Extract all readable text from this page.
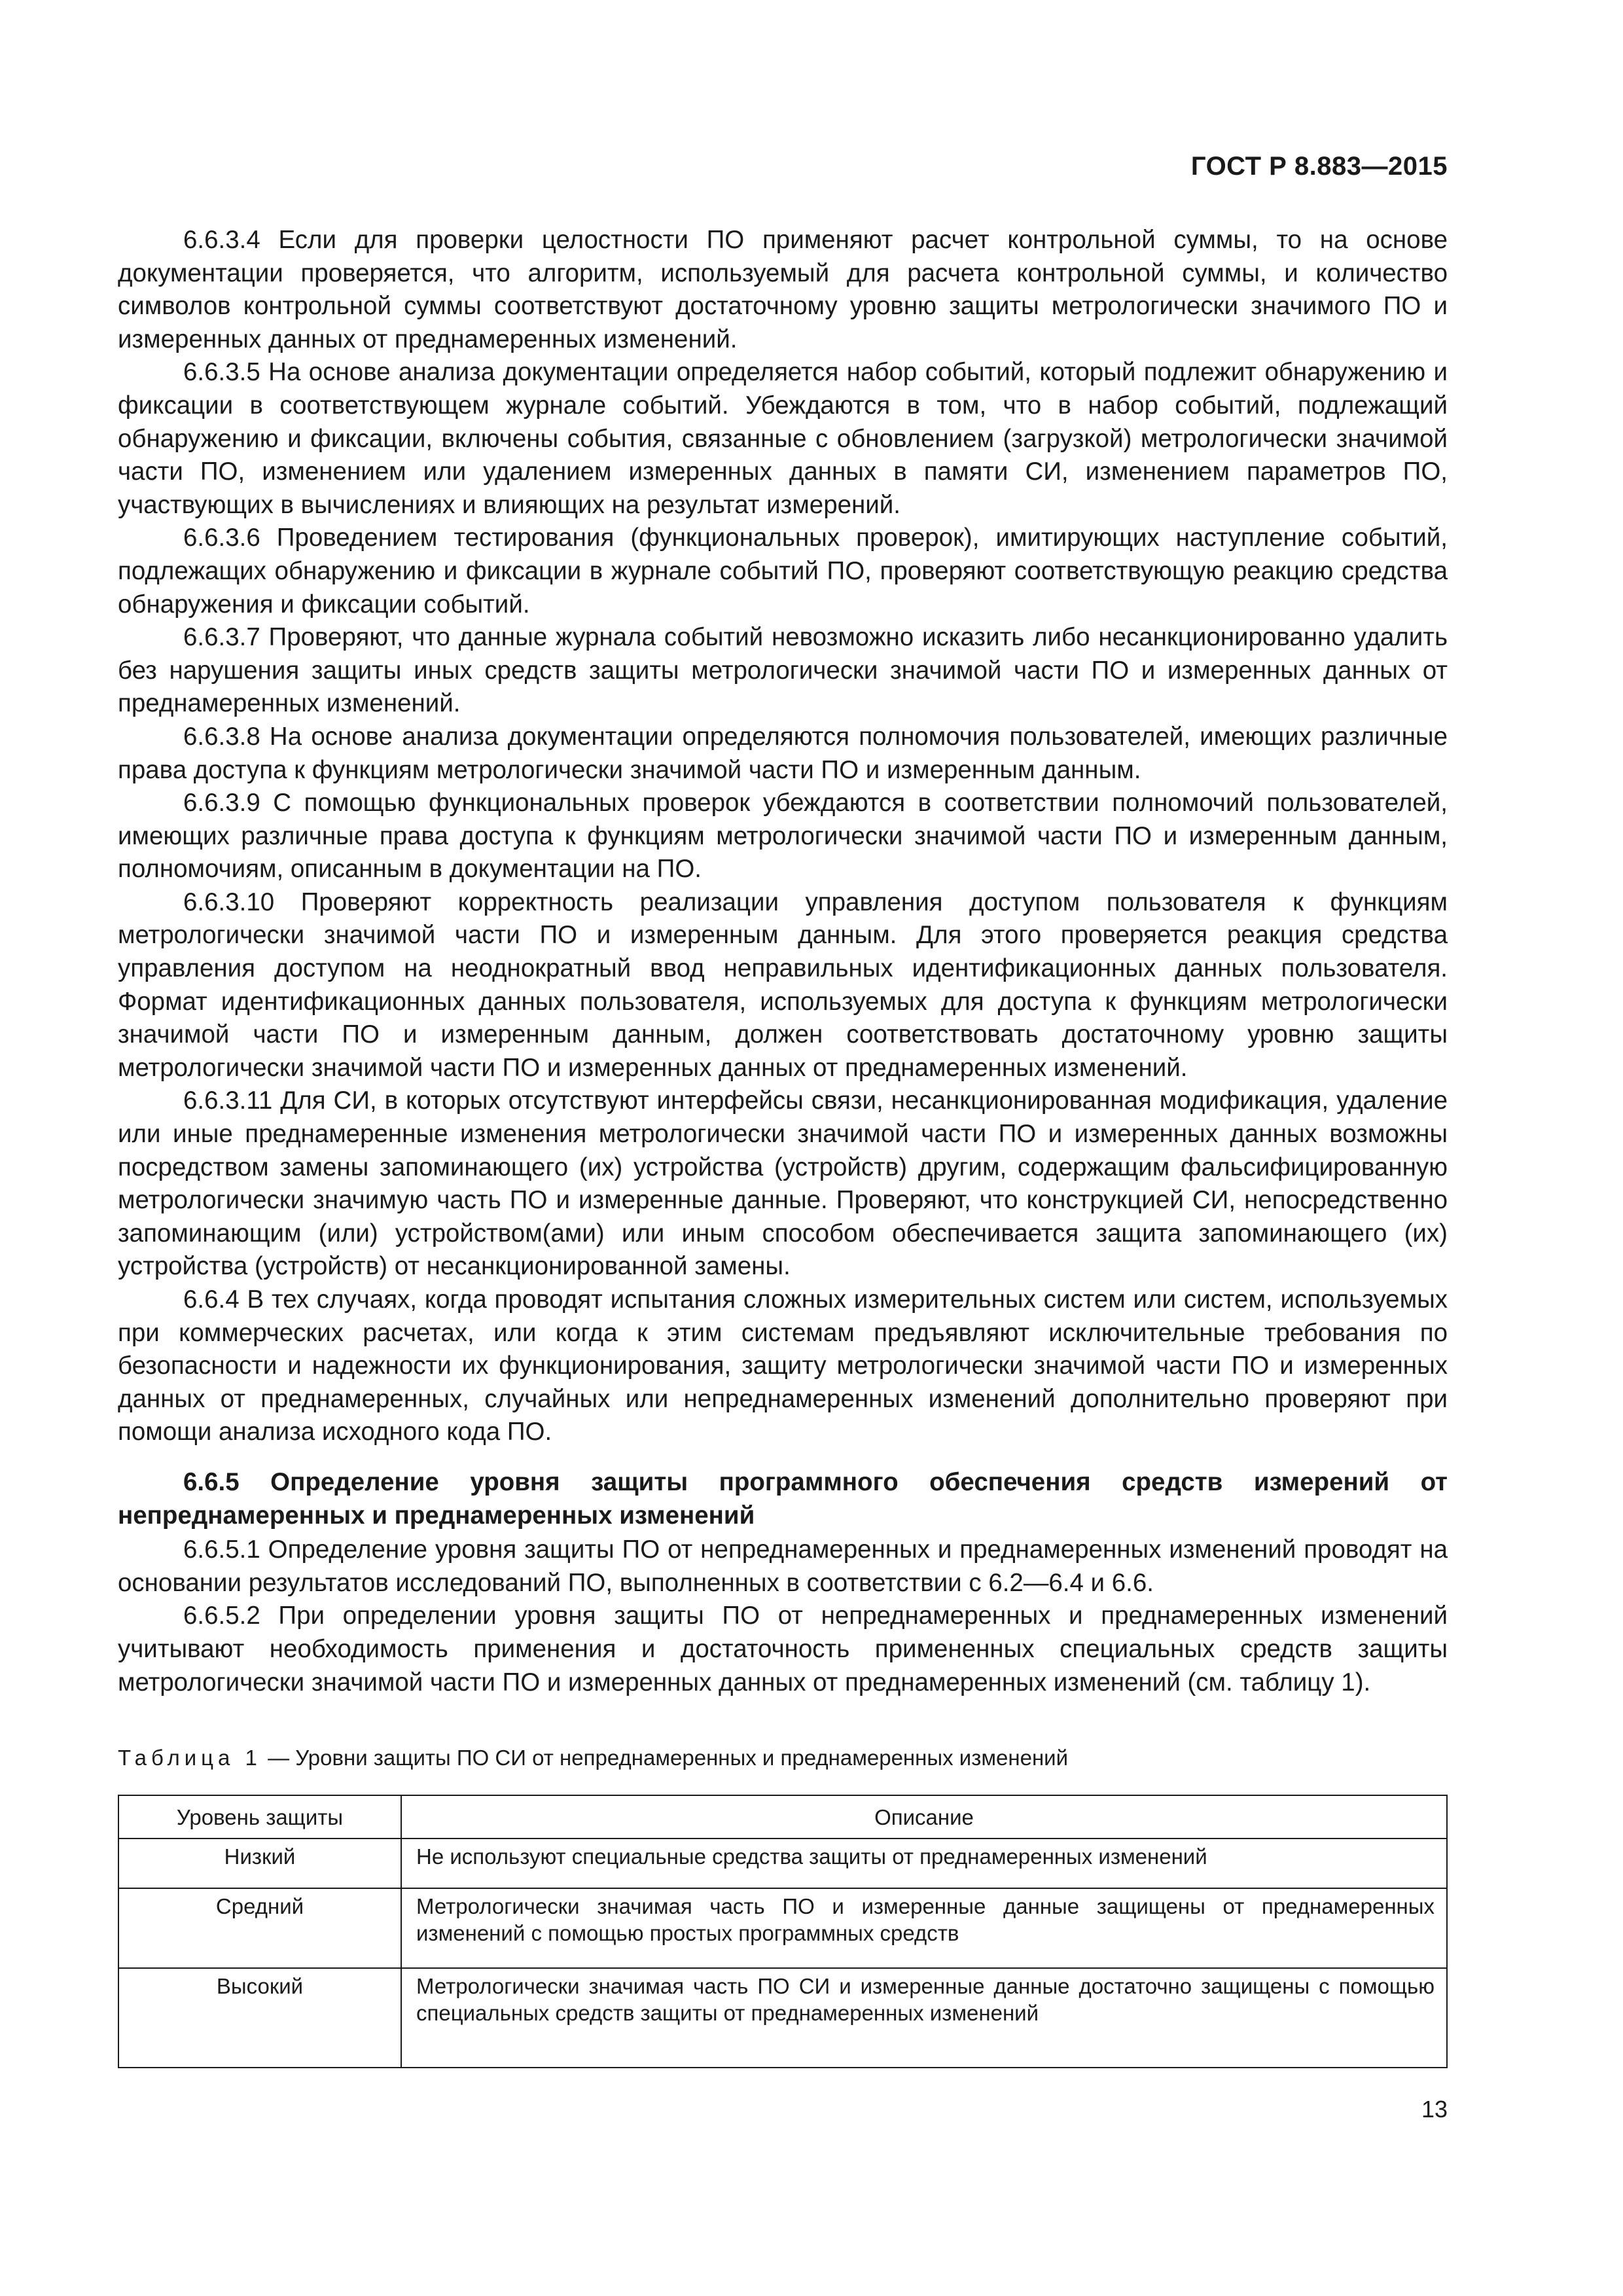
ГОСТ Р 8.883—2015

6.6.3.4 Если для проверки целостности ПО применяют расчет контрольной суммы, то на основе документации проверяется, что алгоритм, используемый для расчета контрольной суммы, и количество символов контрольной суммы соответствуют достаточному уровню защиты метрологически значимого ПО и измеренных данных от преднамеренных изменений.

6.6.3.5 На основе анализа документации определяется набор событий, который подлежит обнаружению и фиксации в соответствующем журнале событий. Убеждаются в том, что в набор событий, подлежащий обнаружению и фиксации, включены события, связанные с обновлением (загрузкой) метрологически значимой части ПО, изменением или удалением измеренных данных в памяти СИ, изменением параметров ПО, участвующих в вычислениях и влияющих на результат измерений.

6.6.3.6 Проведением тестирования (функциональных проверок), имитирующих наступление событий, подлежащих обнаружению и фиксации в журнале событий ПО, проверяют соответствующую реакцию средства обнаружения и фиксации событий.

6.6.3.7 Проверяют, что данные журнала событий невозможно исказить либо несанкционированно удалить без нарушения защиты иных средств защиты метрологически значимой части ПО и измеренных данных от преднамеренных изменений.

6.6.3.8 На основе анализа документации определяются полномочия пользователей, имеющих различные права доступа к функциям метрологически значимой части ПО и измеренным данным.

6.6.3.9 С помощью функциональных проверок убеждаются в соответствии полномочий пользователей, имеющих различные права доступа к функциям метрологически значимой части ПО и измеренным данным, полномочиям, описанным в документации на ПО.

6.6.3.10 Проверяют корректность реализации управления доступом пользователя к функциям метрологически значимой части ПО и измеренным данным. Для этого проверяется реакция средства управления доступом на неоднократный ввод неправильных идентификационных данных пользователя. Формат идентификационных данных пользователя, используемых для доступа к функциям метрологически значимой части ПО и измеренным данным, должен соответствовать достаточному уровню защиты метрологически значимой части ПО и измеренных данных от преднамеренных изменений.

6.6.3.11 Для СИ, в которых отсутствуют интерфейсы связи, несанкционированная модификация, удаление или иные преднамеренные изменения метрологически значимой части ПО и измеренных данных возможны посредством замены запоминающего (их) устройства (устройств) другим, содержащим фальсифицированную метрологически значимую часть ПО и измеренные данные. Проверяют, что конструкцией СИ, непосредственно запоминающим (или) устройством(ами) или иным способом обеспечивается защита запоминающего (их) устройства (устройств) от несанкционированной замены.

6.6.4 В тех случаях, когда проводят испытания сложных измерительных систем или систем, используемых при коммерческих расчетах, или когда к этим системам предъявляют исключительные требования по безопасности и надежности их функционирования, защиту метрологически значимой части ПО и измеренных данных от преднамеренных, случайных или непреднамеренных изменений дополнительно проверяют при помощи анализа исходного кода ПО.

6.6.5 Определение уровня защиты программного обеспечения средств измерений от непреднамеренных и преднамеренных изменений

6.6.5.1 Определение уровня защиты ПО от непреднамеренных и преднамеренных изменений проводят на основании результатов исследований ПО, выполненных в соответствии с 6.2—6.4 и 6.6.

6.6.5.2 При определении уровня защиты ПО от непреднамеренных и преднамеренных изменений учитывают необходимость применения и достаточность примененных специальных средств защиты метрологически значимой части ПО и измеренных данных от преднамеренных изменений (см. таблицу 1).

Таблица 1 — Уровни защиты ПО СИ от непреднамеренных и преднамеренных изменений
Уровень защиты	Описание
Низкий	Не используют специальные средства защиты от преднамеренных изменений
Средний	Метрологически значимая часть ПО и измеренные данные защищены от преднамеренных изменений с помощью простых программных средств
Высокий	Метрологически значимая часть ПО СИ и измеренные данные достаточно защищены с помощью специальных средств защиты от преднамеренных изменений
13
